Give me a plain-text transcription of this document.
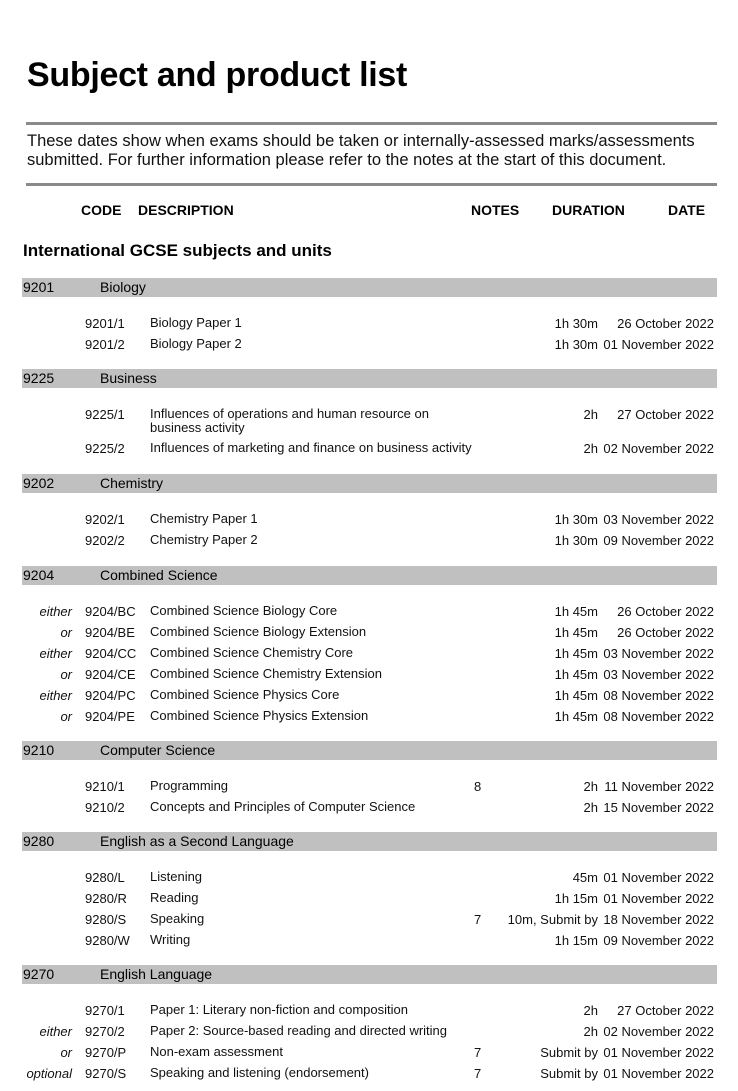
Subject and product list
These dates show when exams should be taken or internally-assessed marks/assessments submitted. For further information please refer to the notes at the start of this document.
CODE DESCRIPTION	NOTES DURATION	DATE
International GCSE subjects and units
9201	Biology
9201/1 Biology Paper 1	1h 30m 26 October 2022
9201/2 Biology Paper 2	1h 30m 01 November 2022
9225	Business
9225/1 Influences of operations and human resource on business activity
2h 27 October 2022
9225/2 Influences of marketing and finance on business activity	2h 02 November 2022
9202	Chemistry
9202/1 Chemistry Paper 1	1h 30m 03 November 2022
9202/2 Chemistry Paper 2	1h 30m 09 November 2022
9204	Combined Science
either 9204/BC Combined Science Biology Core	1h 45m 26 October 2022
or 9204/BE Combined Science Biology Extension	1h 45m 26 October 2022
either 9204/CC Combined Science Chemistry Core	1h 45m 03 November 2022
or 9204/CE Combined Science Chemistry Extension	1h 45m 03 November 2022
either 9204/PC Combined Science Physics Core	1h 45m 08 November 2022
or 9204/PE Combined Science Physics Extension	1h 45m 08 November 2022
9210	Computer Science
9210/1 Programming	8	2h 11 November 2022
9210/2 Concepts and Principles of Computer Science	2h 15 November 2022
9280	English as a Second Language
9280/L Listening	45m 01 November 2022
9280/R Reading	1h 15m 01 November 2022
9280/S Speaking	7 10m, Submit by 18 November 2022
9280/W Writing	1h 15m 09 November 2022
9270	English Language
9270/1 Paper 1: Literary non-fiction and composition	2h 27 October 2022
either 9270/2 Paper 2: Source-based reading and directed writing	2h 02 November 2022
or 9270/P Non-exam assessment	7	Submit by 01 November 2022
optional 9270/S Speaking and listening (endorsement)	7	Submit by 01 November 2022
